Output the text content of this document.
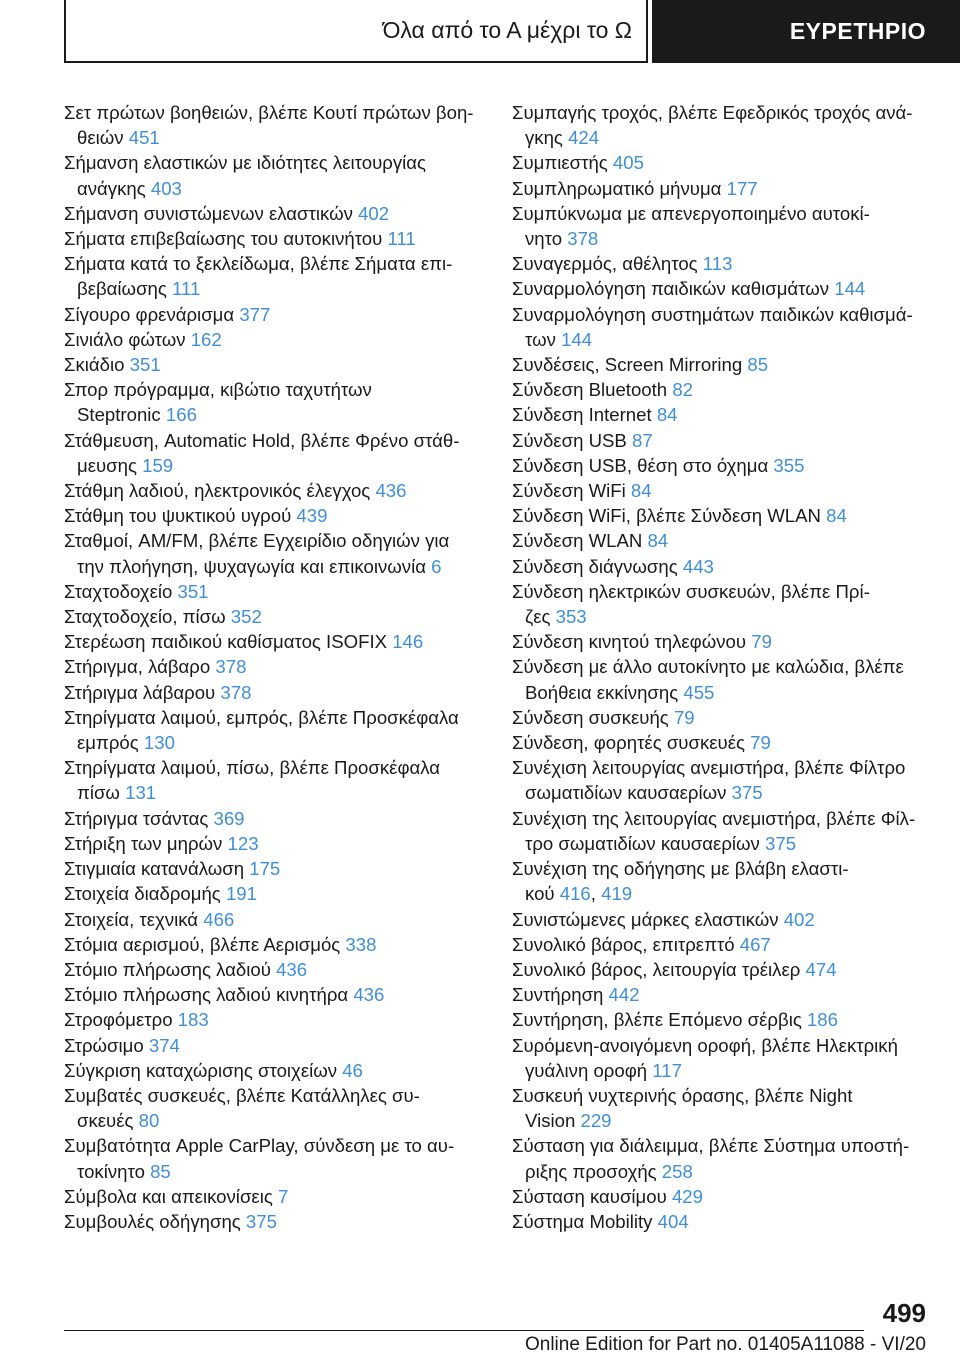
Όλα από το Α μέχρι το Ω	ΕΥΡΕΤΗΡΙΟ
Σετ πρώτων βοηθειών, βλέπε Κουτί πρώτων βοη‐
θειών 451
Σήμανση ελαστικών με ιδιότητες λειτουργίας
ανάγκης 403
Σήμανση συνιστώμενων ελαστικών 402
Σήματα επιβεβαίωσης του αυτοκινήτου 111
Σήματα κατά το ξεκλείδωμα, βλέπε Σήματα επι‐
βεβαίωσης 111
Σίγουρο φρενάρισμα 377
Σινιάλο φώτων 162
Σκιάδιο 351
Σπορ πρόγραμμα, κιβώτιο ταχυτήτων
Steptronic 166
Στάθμευση, Automatic Hold, βλέπε Φρένο στάθ‐
μευσης 159
Στάθμη λαδιού, ηλεκτρονικός έλεγχος 436
Στάθμη του ψυκτικού υγρού 439
Σταθμοί, AM/FM, βλέπε Εγχειρίδιο οδηγιών για
την πλοήγηση, ψυχαγωγία και επικοινωνία 6
Σταχτοδοχείο 351
Σταχτοδοχείο, πίσω 352
Στερέωση παιδικού καθίσματος ISOFIX 146
Στήριγμα, λάβαρο 378
Στήριγμα λάβαρου 378
Στηρίγματα λαιμού, εμπρός, βλέπε Προσκέφαλα
εμπρός 130
Στηρίγματα λαιμού, πίσω, βλέπε Προσκέφαλα
πίσω 131
Στήριγμα τσάντας 369
Στήριξη των μηρών 123
Στιγμιαία κατανάλωση 175
Στοιχεία διαδρομής 191
Στοιχεία, τεχνικά 466
Στόμια αερισμού, βλέπε Αερισμός 338
Στόμιο πλήρωσης λαδιού 436
Στόμιο πλήρωσης λαδιού κινητήρα 436
Στροφόμετρο 183
Στρώσιμο 374
Σύγκριση καταχώρισης στοιχείων 46
Συμβατές συσκευές, βλέπε Κατάλληλες συ‐
σκευές 80
Συμβατότητα Apple CarPlay, σύνδεση με το αυ‐
τοκίνητο 85
Σύμβολα και απεικονίσεις 7
Συμβουλές οδήγησης 375
Συμπαγής τροχός, βλέπε Εφεδρικός τροχός ανά‐
γκης 424
Συμπιεστής 405
Συμπληρωματικό μήνυμα 177
Συμπύκνωμα με απενεργοποιημένο αυτοκί‐
νητο 378
Συναγερμός, αθέλητος 113
Συναρμολόγηση παιδικών καθισμάτων 144
Συναρμολόγηση συστημάτων παιδικών καθισμά‐
των 144
Συνδέσεις, Screen Mirroring 85
Σύνδεση Bluetooth 82
Σύνδεση Internet 84
Σύνδεση USB 87
Σύνδεση USB, θέση στο όχημα 355
Σύνδεση WiFi 84
Σύνδεση WiFi, βλέπε Σύνδεση WLAN 84
Σύνδεση WLAN 84
Σύνδεση διάγνωσης 443
Σύνδεση ηλεκτρικών συσκευών, βλέπε Πρί‐
ζες 353
Σύνδεση κινητού τηλεφώνου 79
Σύνδεση με άλλο αυτοκίνητο με καλώδια, βλέπε
Βοήθεια εκκίνησης 455
Σύνδεση συσκευής 79
Σύνδεση, φορητές συσκευές 79
Συνέχιση λειτουργίας ανεμιστήρα, βλέπε Φίλτρο
σωματιδίων καυσαερίων 375
Συνέχιση της λειτουργίας ανεμιστήρα, βλέπε Φίλ‐
τρο σωματιδίων καυσαερίων 375
Συνέχιση της οδήγησης με βλάβη ελαστι‐
κού 416, 419
Συνιστώμενες μάρκες ελαστικών 402
Συνολικό βάρος, επιτρεπτό 467
Συνολικό βάρος, λειτουργία τρέιλερ 474
Συντήρηση 442
Συντήρηση, βλέπε Επόμενο σέρβις 186
Συρόμενη-ανοιγόμενη οροφή, βλέπε Ηλεκτρική
γυάλινη οροφή 117
Συσκευή νυχτερινής όρασης, βλέπε Night
Vision 229
Σύσταση για διάλειμμα, βλέπε Σύστημα υποστή‐
ριξης προσοχής 258
Σύσταση καυσίμου 429
Σύστημα Mobility 404
499
Online Edition for Part no. 01405A11088 - VI/20
